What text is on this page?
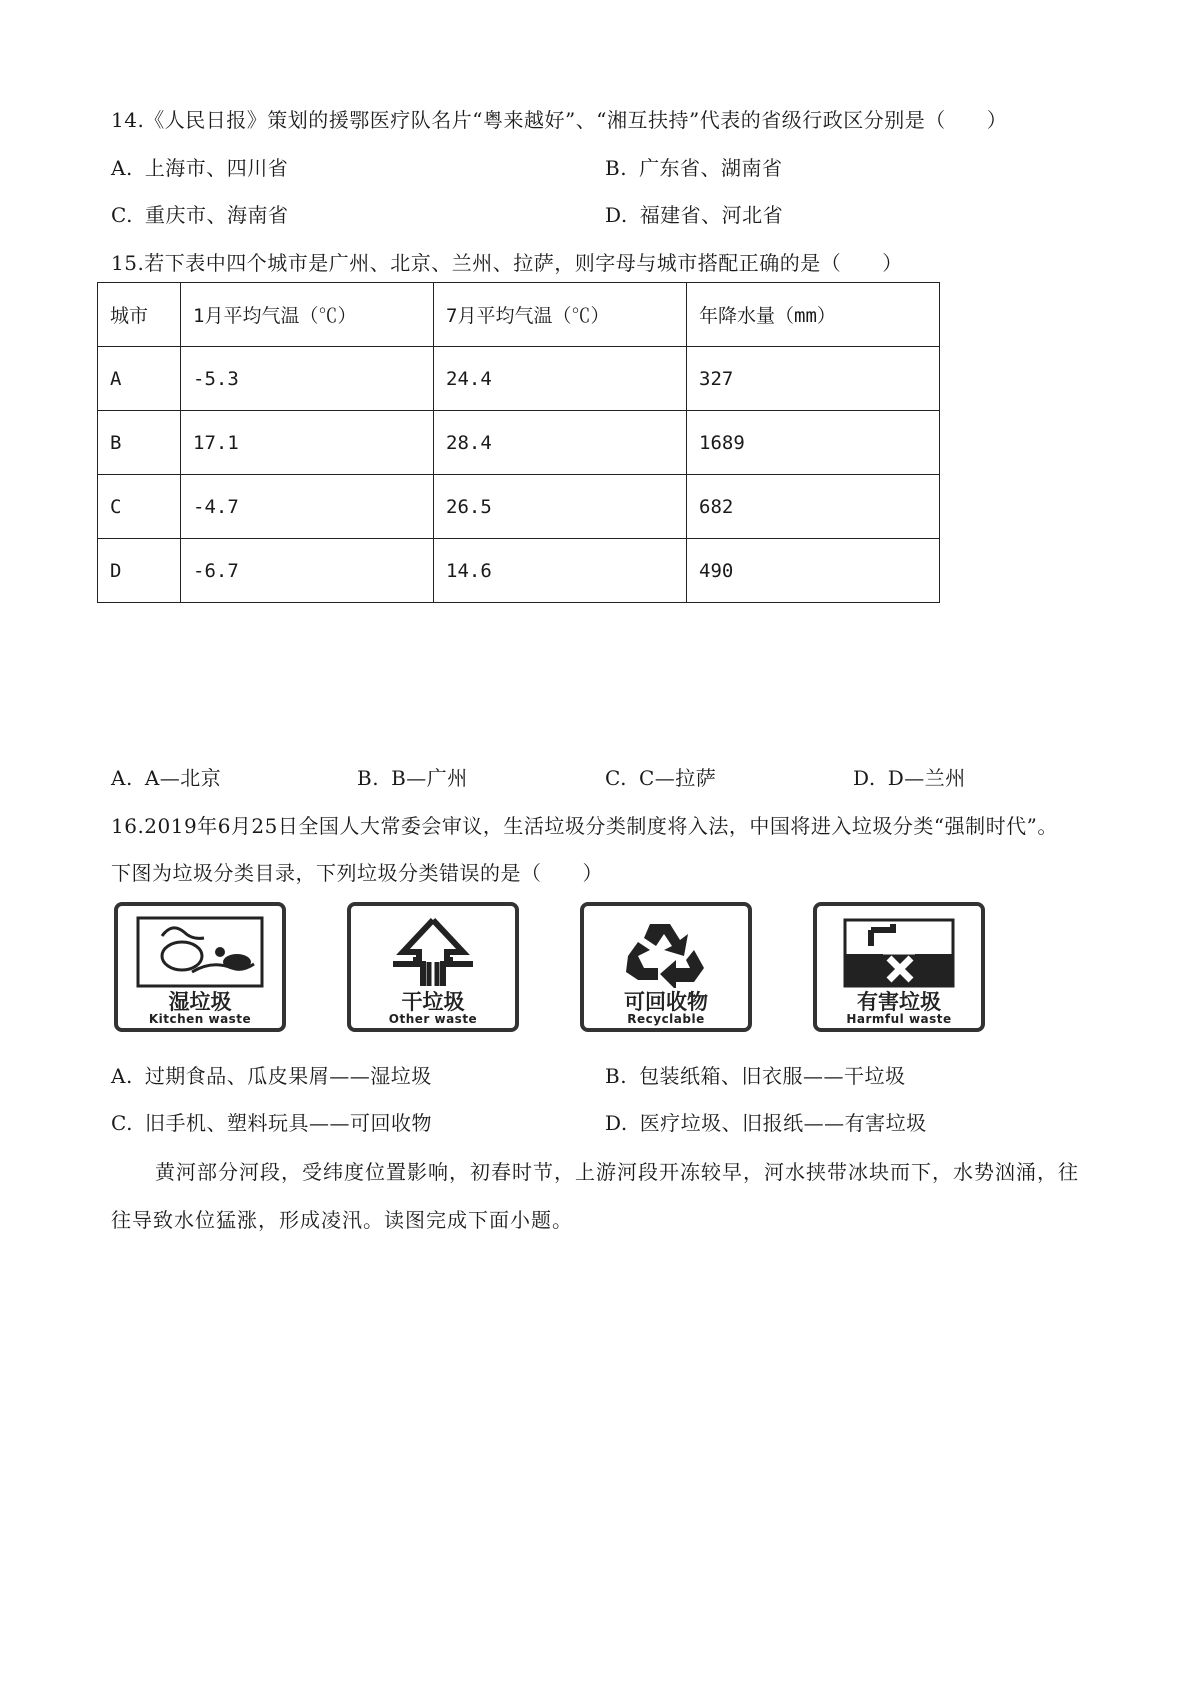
14.《人民日报》策划的援鄂医疗队名片“粤来越好”、“湘互扶持”代表的省级行政区分别是（　　）
A. 上海市、四川省	B. 广东省、湖南省
C. 重庆市、海南省	D. 福建省、河北省
15.若下表中四个城市是广州、北京、兰州、拉萨，则字母与城市搭配正确的是（　　）
城市	1月平均气温（℃）	7月平均气温（℃）	年降水量（mm）
A	-5.3	24.4	327
B	17.1	28.4	1689
C	-4.7	26.5	682
D	-6.7	14.6	490
A. A—北京	B. B—广州	C. C—拉萨	D. D—兰州
16.2019年6月25日全国人大常委会审议，生活垃圾分类制度将入法，中国将进入垃圾分类“强制时代”。
下图为垃圾分类目录，下列垃圾分类错误的是（　　）
湿垃圾
Kitchen waste
干垃圾
Other waste
可回收物
Recyclable
有害垃圾
Harmful waste
A. 过期食品、瓜皮果屑——湿垃圾	B. 包装纸箱、旧衣服——干垃圾
C. 旧手机、塑料玩具——可回收物	D. 医疗垃圾、旧报纸——有害垃圾
黄河部分河段，受纬度位置影响，初春时节，上游河段开冻较早，河水挟带冰块而下，水势汹涌，往
往导致水位猛涨，形成凌汛。读图完成下面小题。
